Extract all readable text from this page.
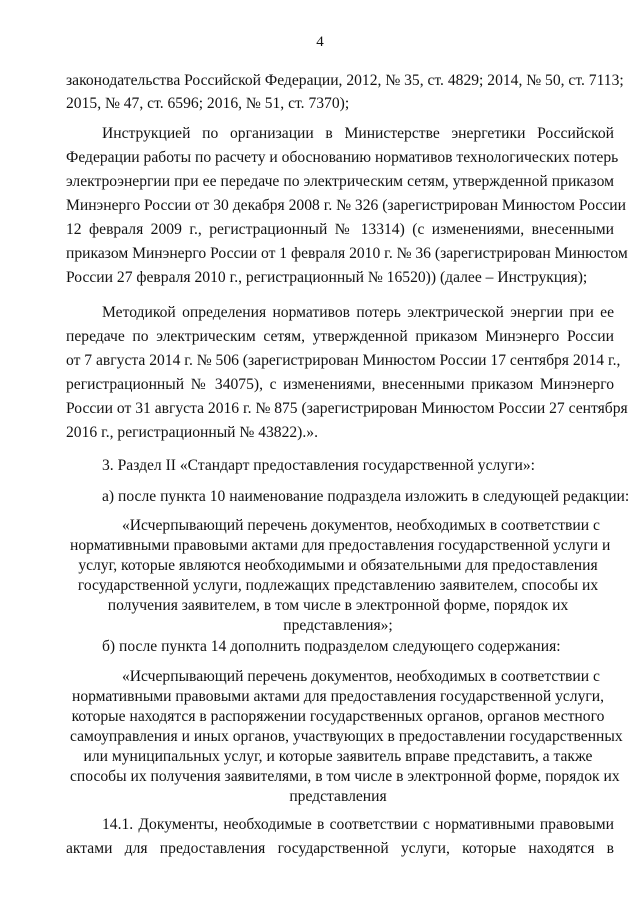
4
законодательства Российской Федерации, 2012, № 35, ст. 4829; 2014, № 50, ст. 7113;
2015, № 47, ст. 6596; 2016, № 51, ст. 7370);
Инструкцией по организации в Министерстве энергетики Российской
Федерации работы по расчету и обоснованию нормативов технологических потерь
электроэнергии при ее передаче по электрическим сетям, утвержденной приказом
Минэнерго России от 30 декабря 2008 г. № 326 (зарегистрирован Минюстом России
12 февраля 2009 г., регистрационный № 13314) (с изменениями, внесенными
приказом Минэнерго России от 1 февраля 2010 г. № 36 (зарегистрирован Минюстом
России 27 февраля 2010 г., регистрационный № 16520)) (далее – Инструкция);
Методикой определения нормативов потерь электрической энергии при ее
передаче по электрическим сетям, утвержденной приказом Минэнерго России
от 7 августа 2014 г. № 506 (зарегистрирован Минюстом России 17 сентября 2014 г.,
регистрационный № 34075), с изменениями, внесенными приказом Минэнерго
России от 31 августа 2016 г. № 875 (зарегистрирован Минюстом России 27 сентября
2016 г., регистрационный № 43822).».
3. Раздел II «Стандарт предоставления государственной услуги»:
а) после пункта 10 наименование подраздела изложить в следующей редакции:
«Исчерпывающий перечень документов, необходимых в соответствии с
нормативными правовыми актами для предоставления государственной услуги и
услуг, которые являются необходимыми и обязательными для предоставления
государственной услуги, подлежащих представлению заявителем, способы их
получения заявителем, в том числе в электронной форме, порядок их
представления»;
б) после пункта 14 дополнить подразделом следующего содержания:
«Исчерпывающий перечень документов, необходимых в соответствии с
нормативными правовыми актами для предоставления государственной услуги,
которые находятся в распоряжении государственных органов, органов местного
самоуправления и иных органов, участвующих в предоставлении государственных
или муниципальных услуг, и которые заявитель вправе представить, а также
способы их получения заявителями, в том числе в электронной форме, порядок их
представления
14.1. Документы, необходимые в соответствии с нормативными правовыми
актами для предоставления государственной услуги, которые находятся в
